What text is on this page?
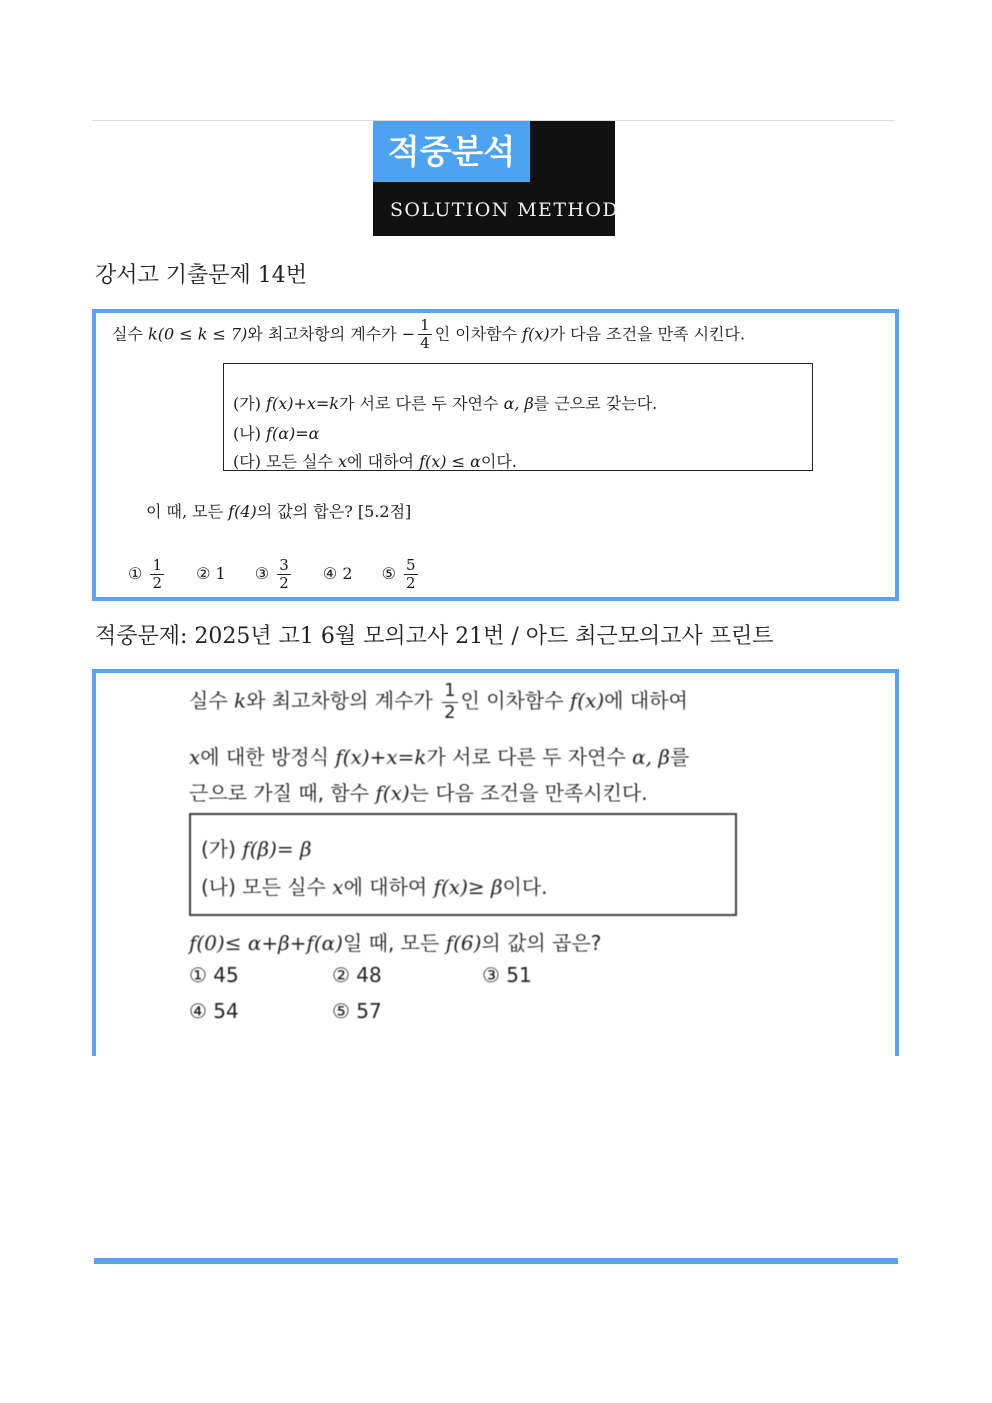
적중분석
SOLUTION METHOD
강서고 기출문제 14번
실수 k(0 ≤ k ≤ 7)와 최고차항의 계수가 − $\frac{1}{4}$ 인 이차함수 f(x)가 다음 조건을 만족 시킨다.
(가) f(x)+x=k가 서로 다른 두 자연수 α, β를 근으로 갖는다.
(나) f(α)=α
(다) 모든 실수 x에 대하여 f(x) ≤ α이다.
이 때, 모든 f(4)의 값의 합은? [5.2점]
① $\frac{1}{2}$ ② 1 ③ $\frac{3}{2}$ ④ 2 ⑤ $\frac{5}{2}$
적중문제: 2025년 고1 6월 모의고사 21번 / 아드 최근모의고사 프린트
실수 k와 최고차항의 계수가 $\frac{1}{2}$ 인 이차함수 f(x)에 대하여
x에 대한 방정식 f(x)+x=k가 서로 다른 두 자연수 α, β를
근으로 가질 때, 함수 f(x)는 다음 조건을 만족시킨다.
(가) f(β)= β
(나) 모든 실수 x에 대하여 f(x)≥ β이다.
f(0)≤ α+β+f(α)일 때, 모든 f(6)의 값의 곱은?
① 45	② 48	③ 51
④ 54	⑤ 57
